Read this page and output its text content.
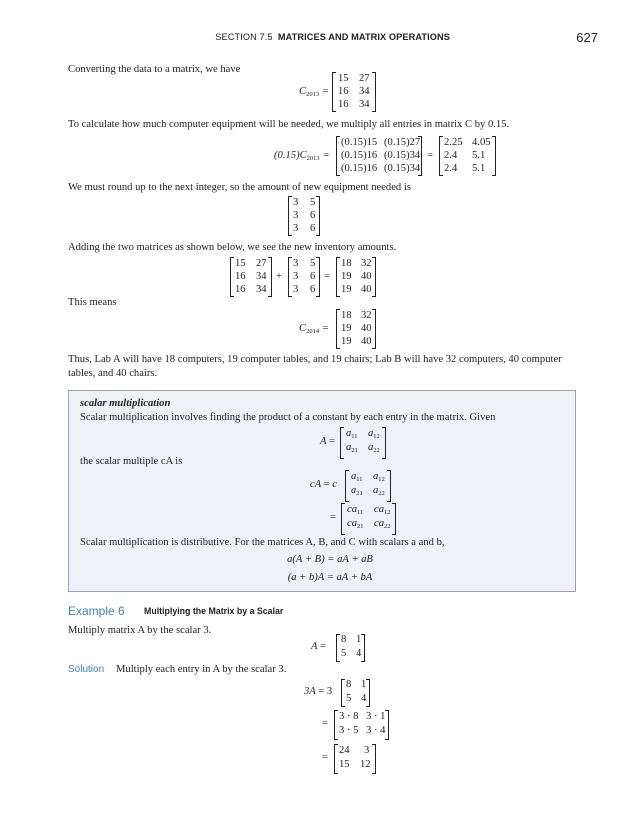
SECTION 7.5 MATRICES AND MATRIX OPERATIONS	627

Converting the data to a matrix, we have

$C_{2013}$ =
15 27
16 34
16 34

To calculate how much computer equipment will be needed, we multiply all entries in matrix C by 0.15.

$(0.15)C_{2013}$ =
(0.15)15 (0.15)27
(0.15)16 (0.15)34
(0.15)16 (0.15)34
=
2.25 4.05
2.4 5.1
2.4 5.1

We must round up to the next integer, so the amount of new equipment needed is

3 5
3 6
3 6

Adding the two matrices as shown below, we see the new inventory amounts.

15 27
16 34
16 34
+
3 5
3 6
3 6
=
18 32
19 40
19 40

This means

$C_{2014}$ =
18 32
19 40
19 40

Thus, Lab A will have 18 computers, 19 computer tables, and 19 chairs; Lab B will have 32 computers, 40 computer tables, and 40 chairs.

scalar multiplication

Scalar multiplication involves finding the product of a constant by each entry in the matrix. Given

A =
$a_{11}$ $a_{12}$
$a_{21}$ $a_{22}$

the scalar multiple cA is

cA = c
$a_{11}$ $a_{12}$
$a_{21}$ $a_{22}$
=
$ca_{11}$ $ca_{12}$
$ca_{21}$ $ca_{22}$

Scalar multiplication is distributive. For the matrices A, B, and C with scalars a and b,

a(A + B) = aA + aB
(a + b)A = aA + bA
Example 6 Multiplying the Matrix by a Scalar

Multiply matrix A by the scalar 3.

A =
8 1
5 4
Solution Multiply each entry in A by the scalar 3.

3A = 3
8 1
5 4
=
3 · 8 3 · 1
3 · 5 3 · 4
=
24 3
15 12
